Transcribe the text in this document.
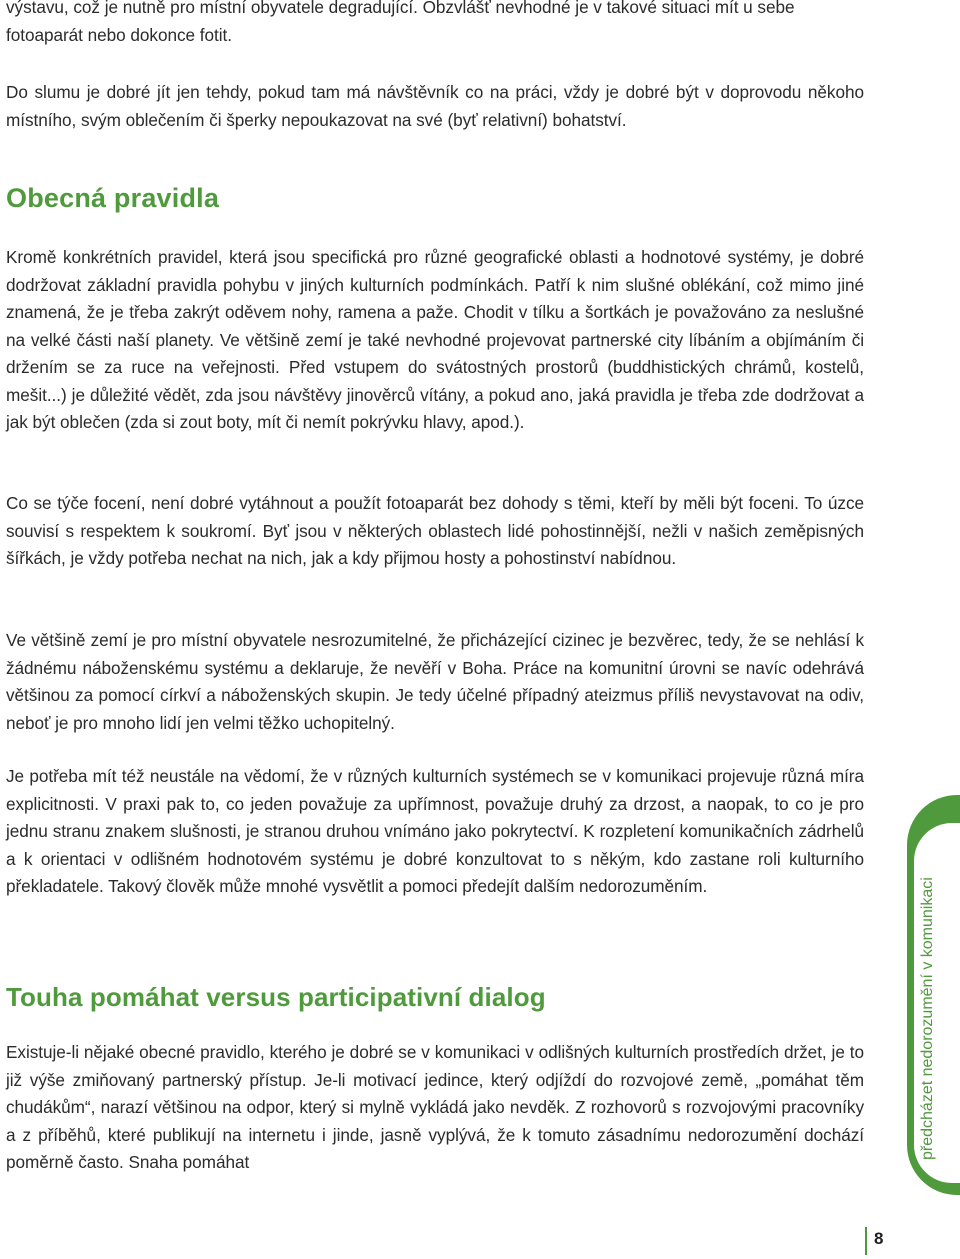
výstavu, což je nutně pro místní obyvatele degradující. Obzvlášť nevhodné je v takové situaci mít u sebe fotoaparát nebo dokonce fotit.

Do slumu je dobré jít jen tehdy, pokud tam má návštěvník co na práci, vždy je dobré být v doprovodu někoho místního, svým oblečením či šperky nepoukazovat na své (byť relativní) bohatství.

Obecná pravidla

Kromě konkrétních pravidel, která jsou specifická pro různé geografické oblasti a hodnotové systémy, je dobré dodržovat základní pravidla pohybu v jiných kulturních podmínkách. Patří k nim slušné oblékání, což mimo jiné znamená, že je třeba zakrýt oděvem nohy, ramena a paže. Chodit v tílku a šortkách je považováno za neslušné na velké části naší planety. Ve většině zemí je také nevhodné projevovat partnerské city líbáním a objímáním či držením se za ruce na veřejnosti. Před vstupem do svátostných prostorů (buddhistických chrámů, kostelů, mešit...) je důležité vědět, zda jsou návštěvy jinověrců vítány, a pokud ano, jaká pravidla je třeba zde dodržovat a jak být oblečen (zda si zout boty, mít či nemít pokrývku hlavy, apod.).

Co se týče focení, není dobré vytáhnout a použít fotoaparát bez dohody s těmi, kteří by měli být foceni. To úzce souvisí s respektem k soukromí. Byť jsou v některých oblastech lidé pohostinnější, nežli v našich zeměpisných šířkách, je vždy potřeba nechat na nich, jak a kdy přijmou hosty a pohostinství nabídnou.

Ve většině zemí je pro místní obyvatele nesrozumitelné, že přicházející cizinec je bezvěrec, tedy, že se nehlásí k žádnému náboženskému systému a deklaruje, že nevěří v Boha. Práce na komunitní úrovni se navíc odehrává většinou za pomocí církví a náboženských skupin. Je tedy účelné případný ateizmus příliš nevystavovat na odiv, neboť je pro mnoho lidí jen velmi těžko uchopitelný.

Je potřeba mít též neustále na vědomí, že v různých kulturních systémech se v komunikaci projevuje různá míra explicitnosti. V praxi pak to, co jeden považuje za upřímnost, považuje druhý za drzost, a naopak, to co je pro jednu stranu znakem slušnosti, je stranou druhou vnímáno jako pokrytectví. K rozpletení komunikačních zádrhelů a k orientaci v odlišném hodnotovém systému je dobré konzultovat to s někým, kdo zastane roli kulturního překladatele. Takový člověk může mnohé vysvětlit a pomoci předejít dalším nedorozuměním.

Touha pomáhat versus participativní dialog

Existuje-li nějaké obecné pravidlo, kterého je dobré se v komunikaci v odlišných kulturních prostředích držet, je to již výše zmiňovaný partnerský přístup. Je-li motivací jedince, který odjíždí do rozvojové země, „pomáhat těm chudákům“, narazí většinou na odpor, který si mylně vykládá jako nevděk. Z rozhovorů s rozvojovými pracovníky a z příběhů, které publikují na internetu i jinde, jasně vyplývá, že k tomuto zásadnímu nedorozumění dochází poměrně často. Snaha pomáhat

předcházet nedorozumění v komunikaci
8
